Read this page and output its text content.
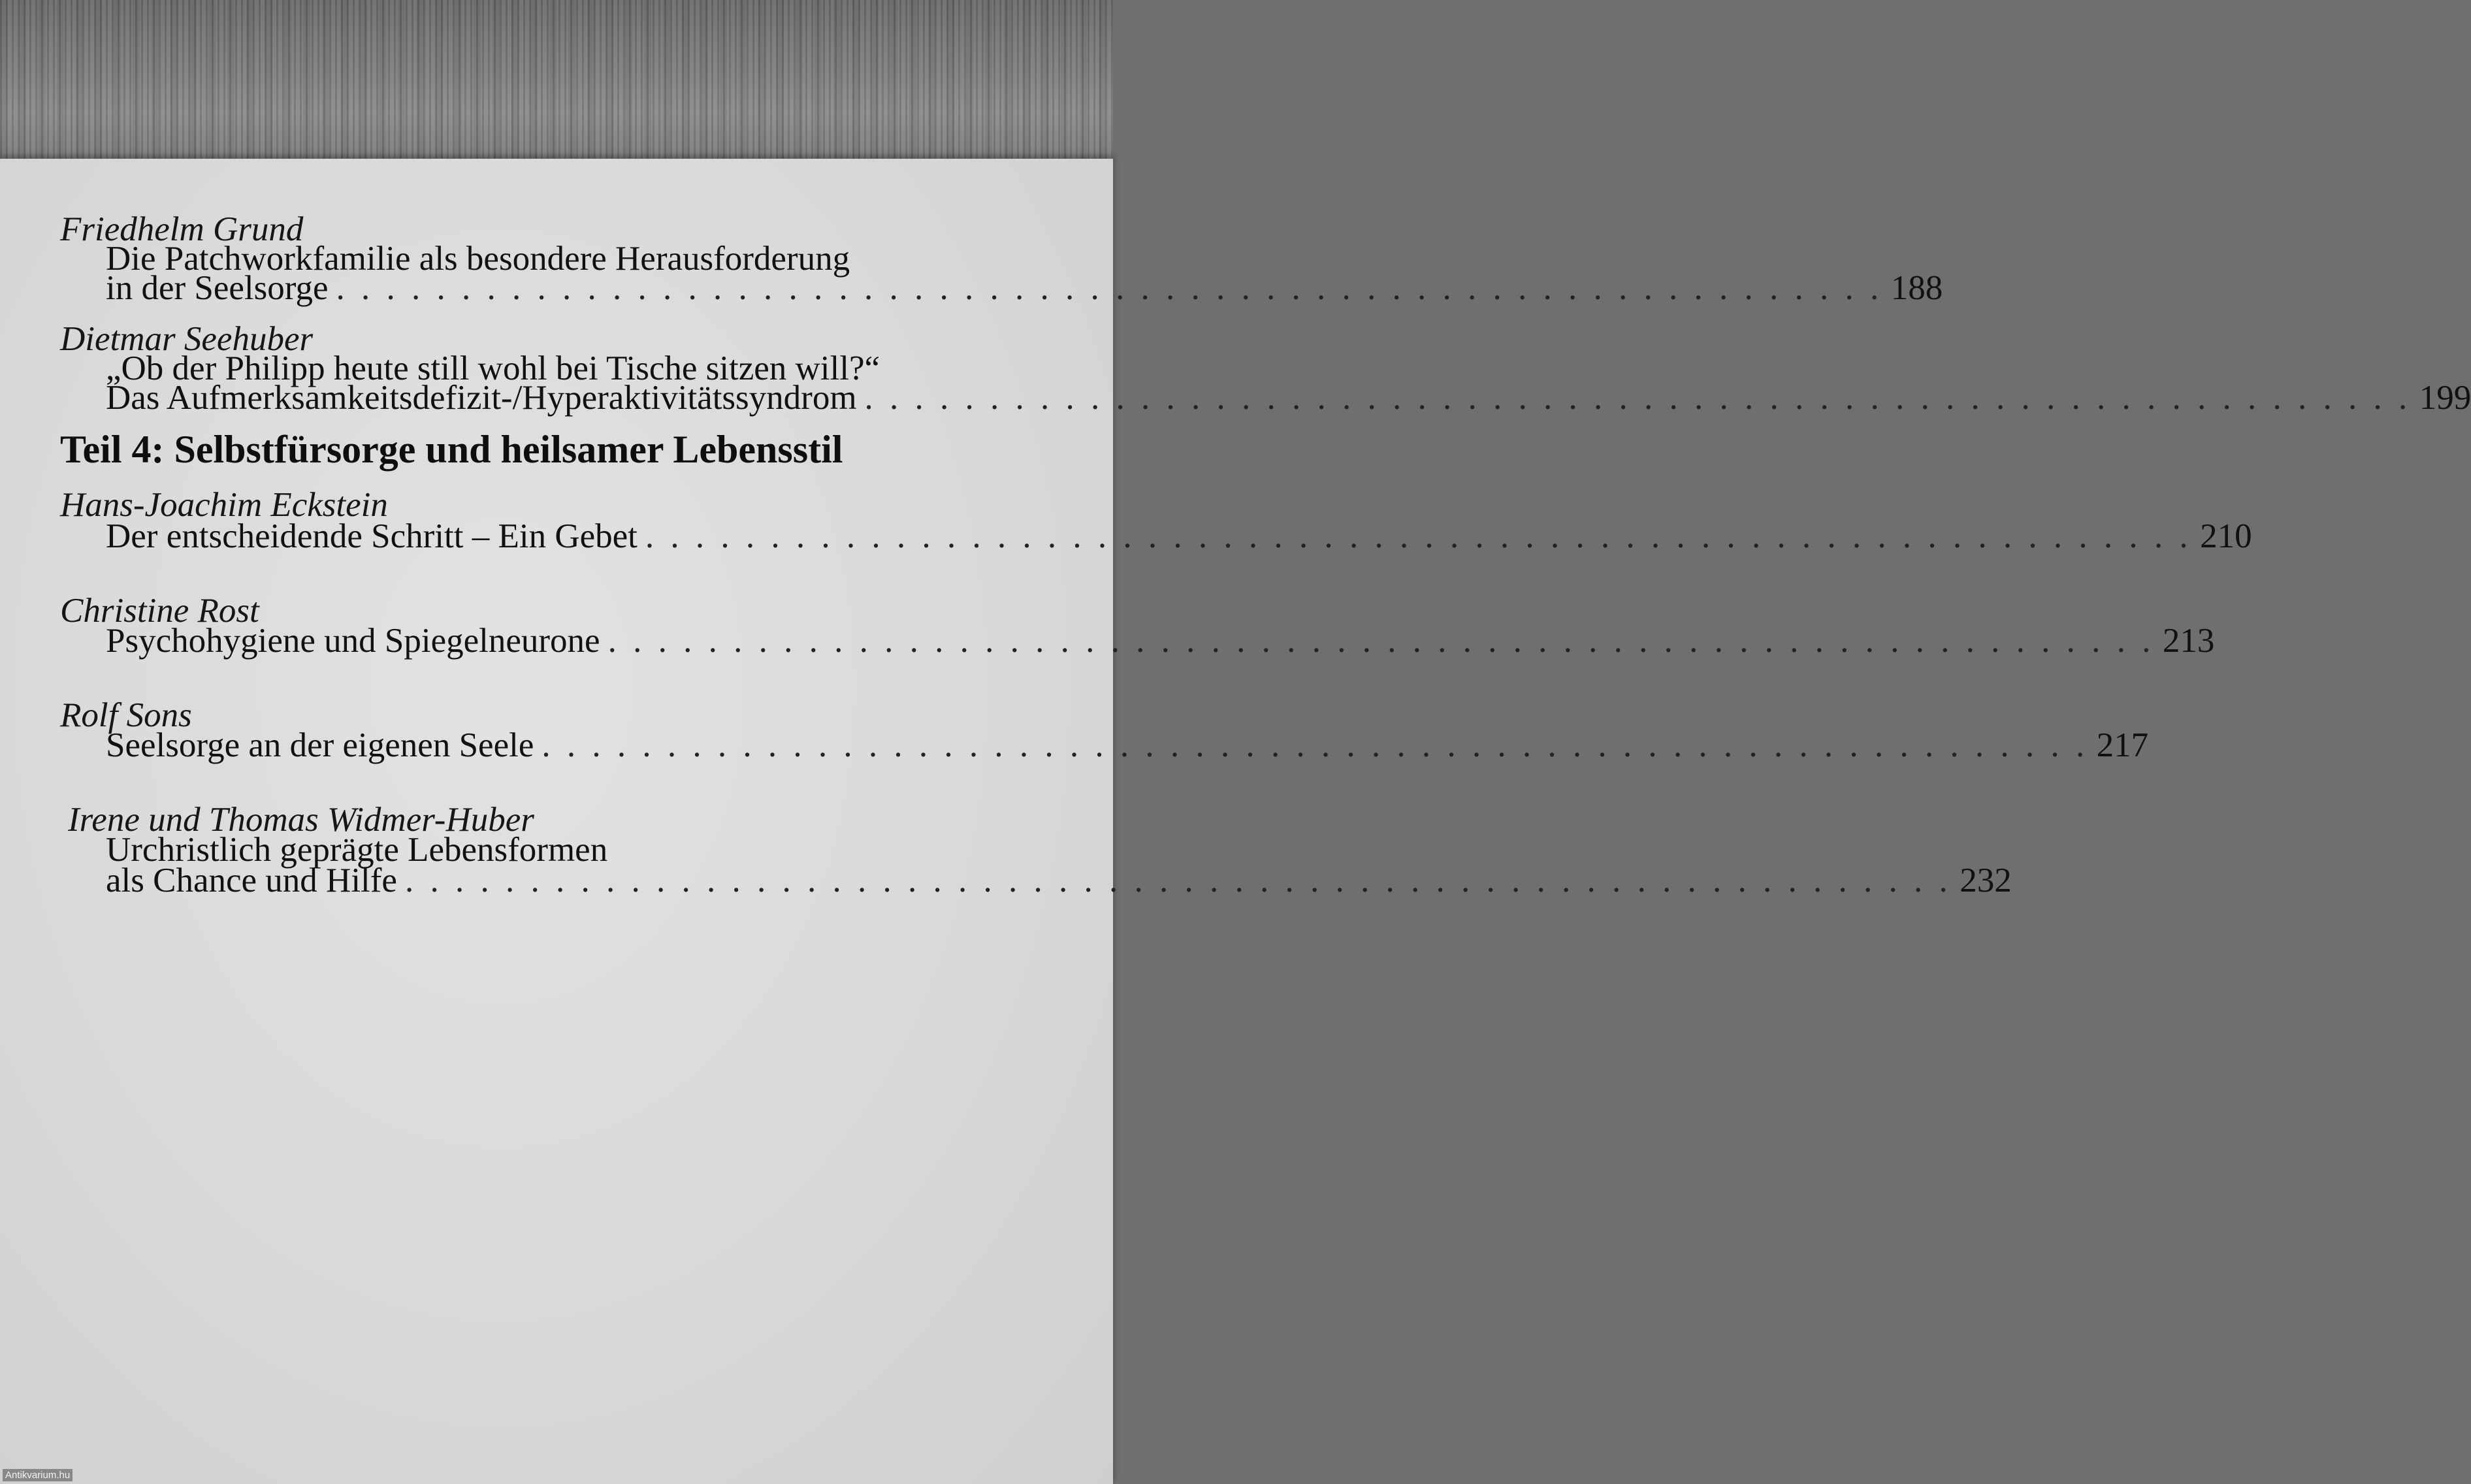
Friedhelm Grund
Die Patchworkfamilie als besondere Herausforderung
in der Seelsorge . . . . . . . . . . . . . . . . . . . . . . . . . . . . . . . . . . . . . . . . . . . . . . . . . . . . . . . . . . . . . . 188
Dietmar Seehuber
„Ob der Philipp heute still wohl bei Tische sitzen will?“
Das Aufmerksamkeitsdefizit-/Hyperaktivitätssyndrom . . . . . . . . . . . . . . . . . . . . . . . . . . . . . . . . . . . . . . . . . . . . . . . . . . . . . . . . . . . . . . 199
Teil 4: Selbstfürsorge und heilsamer Lebensstil
Hans-Joachim Eckstein
Der entscheidende Schritt – Ein Gebet . . . . . . . . . . . . . . . . . . . . . . . . . . . . . . . . . . . . . . . . . . . . . . . . . . . . . . . . . . . . . . 210
Christine Rost
Psychohygiene und Spiegelneurone . . . . . . . . . . . . . . . . . . . . . . . . . . . . . . . . . . . . . . . . . . . . . . . . . . . . . . . . . . . . . . 213
Rolf Sons
Seelsorge an der eigenen Seele . . . . . . . . . . . . . . . . . . . . . . . . . . . . . . . . . . . . . . . . . . . . . . . . . . . . . . . . . . . . . . 217
Irene und Thomas Widmer-Huber
Urchristlich geprägte Lebensformen
als Chance und Hilfe . . . . . . . . . . . . . . . . . . . . . . . . . . . . . . . . . . . . . . . . . . . . . . . . . . . . . . . . . . . . . . 232
Antikvarium.hu
